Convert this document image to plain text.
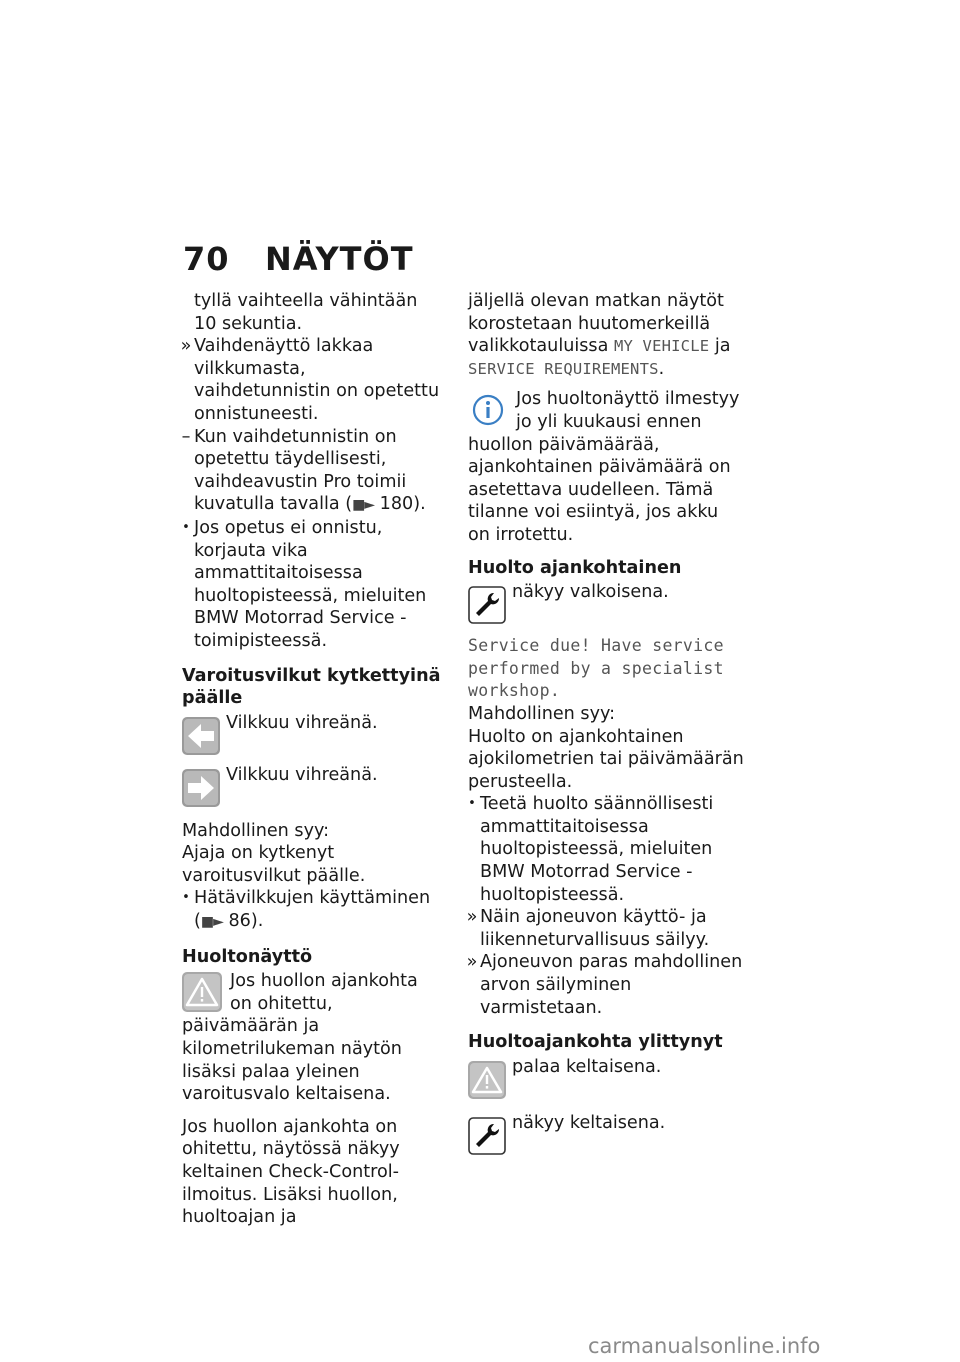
70 NÄYTÖT

tyllä vaihteella vähintään 10 sekuntia.

» Vaihdenäyttö lakkaa vilkkumasta, vaihdetunnistin on opetettu onnistuneesti.

– Kun vaihdetunnistin on opetettu täydellisesti, vaihdeavustin Pro toimii kuvatulla tavalla (■► 180).

• Jos opetus ei onnistu, korjauta vika ammattitaitoisessa huoltopisteessä, mieluiten BMW Motorrad Service -toimipisteessä.

Varoitusvilkut kytkettyinä päälle

Vilkkuu vihreänä.
Vilkkuu vihreänä.

Mahdollinen syy:

Ajaja on kytkenyt varoitusvilkut päälle.

• Hätävilkkujen käyttäminen (■► 86).

Huoltonäyttö

Jos huollon ajankohta on ohitettu, päivämäärän ja kilometrilukeman näytön lisäksi palaa yleinen varoitusvalo keltaisena.

Jos huollon ajankohta on ohitettu, näytössä näkyy keltainen Check-Control-ilmoitus. Lisäksi huollon, huoltoajan ja

jäljellä olevan matkan näytöt korostetaan huutomerkeillä valikkotauluissa MY VEHICLE ja SERVICE REQUIREMENTS.

Jos huoltonäyttö ilmestyy jo yli kuukausi ennen huollon päivämäärää, ajankohtainen päivämäärä on asetettava uudelleen. Tämä tilanne voi esiintyä, jos akku on irrotettu.

Huolto ajankohtainen

näkyy valkoisena.

Service due! Have service performed by a specialist workshop.

Mahdollinen syy:

Huolto on ajankohtainen ajokilometrien tai päivämäärän perusteella.

• Teetä huolto säännöllisesti ammattitaitoisessa huoltopisteessä, mieluiten BMW Motorrad Service -huoltopisteessä.

» Näin ajoneuvon käyttö- ja liikenneturvallisuus säilyy.

» Ajoneuvon paras mahdollinen arvon säilyminen varmistetaan.

Huoltoajankohta ylittynyt

palaa keltaisena.
näkyy keltaisena.
carmanualsonline.info
